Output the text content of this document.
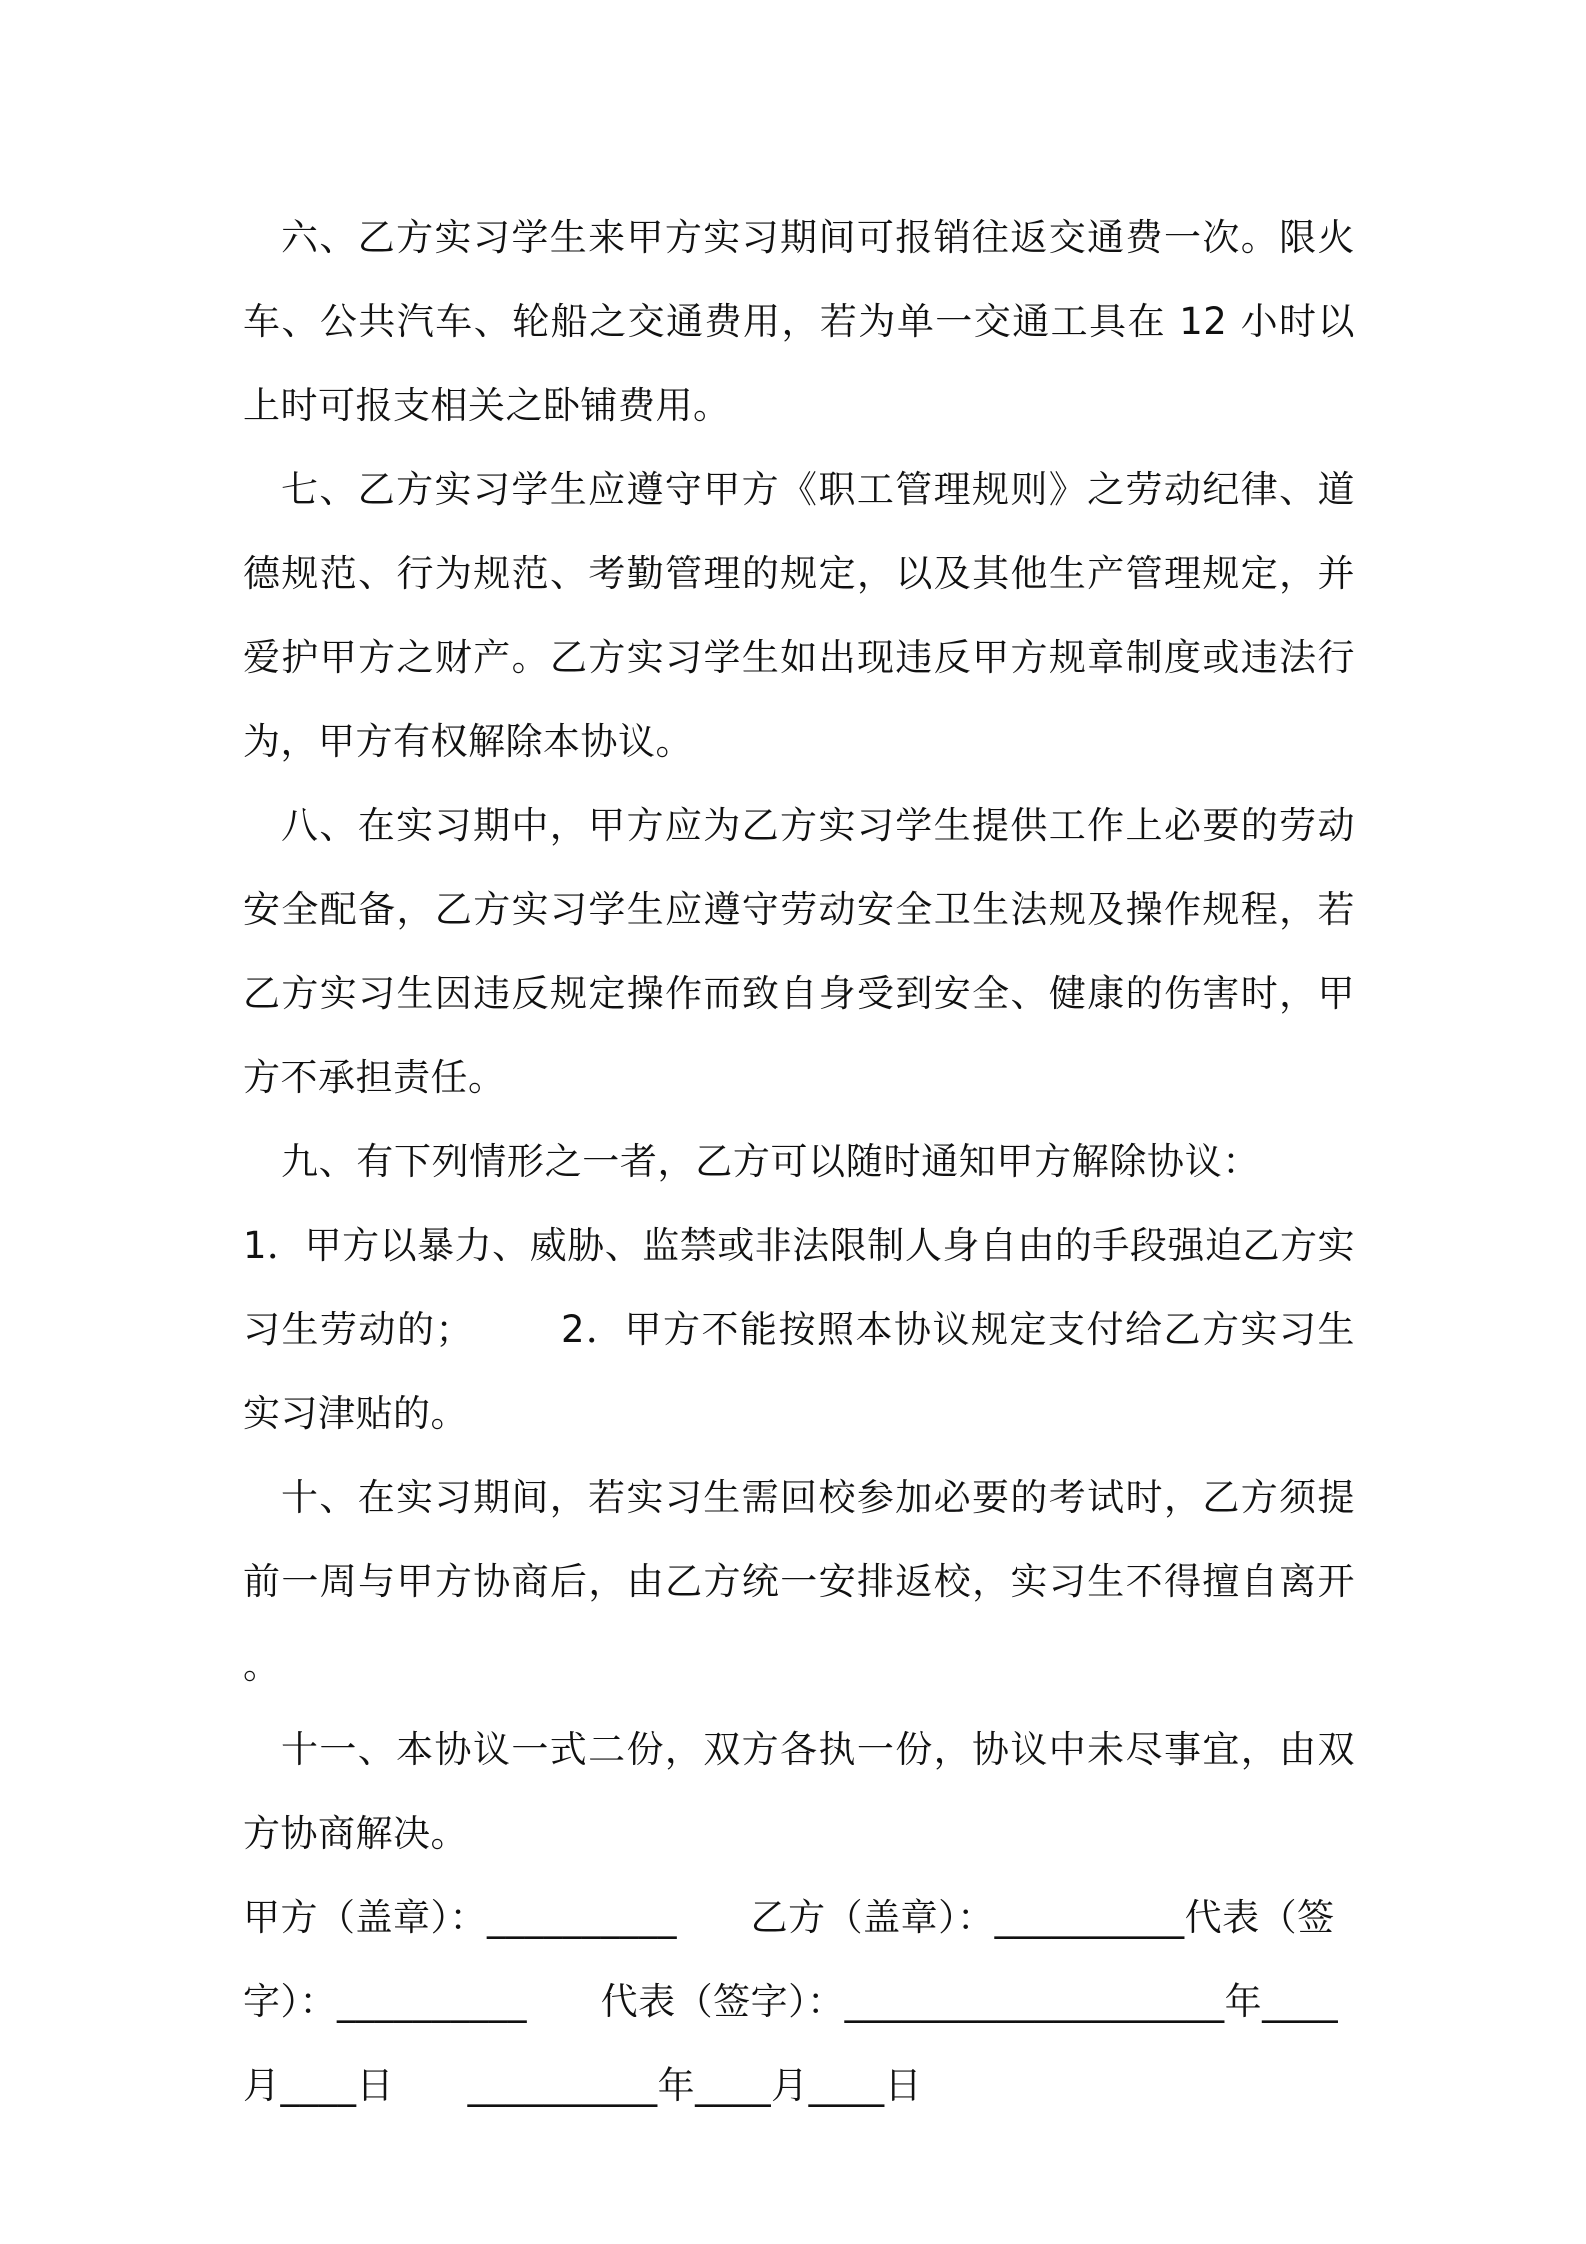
六、乙方实习学生来甲方实习期间可报销往返交通费一次。限火车、公共汽车、轮船之交通费用，若为单一交通工具在 12 小时以上时可报支相关之卧铺费用。

七、乙方实习学生应遵守甲方《职工管理规则》之劳动纪律、道德规范、行为规范、考勤管理的规定，以及其他生产管理规定，并爱护甲方之财产。乙方实习学生如出现违反甲方规章制度或违法行为，甲方有权解除本协议。

八、在实习期中，甲方应为乙方实习学生提供工作上必要的劳动安全配备，乙方实习学生应遵守劳动安全卫生法规及操作规程，若乙方实习生因违反规定操作而致自身受到安全、健康的伤害时，甲方不承担责任。

九、有下列情形之一者，乙方可以随时通知甲方解除协议：1．甲方以暴力、威胁、监禁或非法限制人身自由的手段强迫乙方实习生劳动的； 2．甲方不能按照本协议规定支付给乙方实习生实习津贴的。

十、在实习期间，若实习生需回校参加必要的考试时，乙方须提前一周与甲方协商后，由乙方统一安排返校，实习生不得擅自离开。

十一、本协议一式二份，双方各执一份，协议中未尽事宜，由双方协商解决。

甲方（盖章）：__________      乙方（盖章）：__________代表（签

字）：__________      代表（签字）：____________________年____

月____日      __________年____月____日
